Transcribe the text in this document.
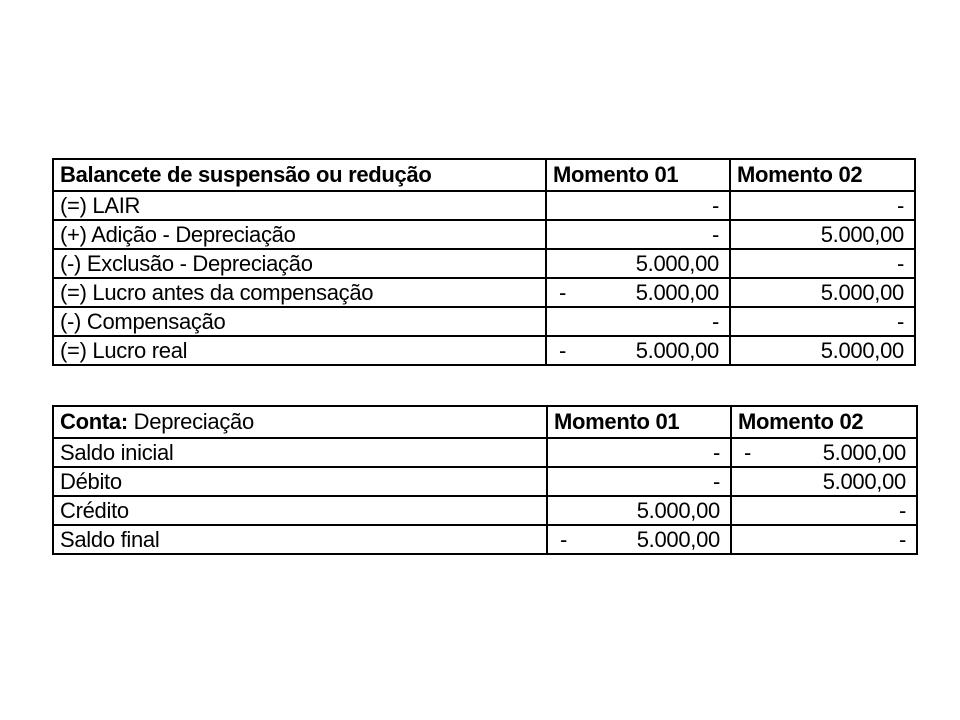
Balancete de suspensão ou redução	Momento 01	Momento 02
(=) LAIR	-	-
(+) Adição - Depreciação	-	5.000,00
(-) Exclusão - Depreciação	5.000,00	-
(=) Lucro antes da compensação	- 5.000,00	5.000,00
(-) Compensação	-	-
(=) Lucro real	- 5.000,00	5.000,00
Conta: Depreciação	Momento 01	Momento 02
Saldo inicial	-	- 5.000,00
Débito	-	5.000,00
Crédito	5.000,00	-
Saldo final	- 5.000,00	-
